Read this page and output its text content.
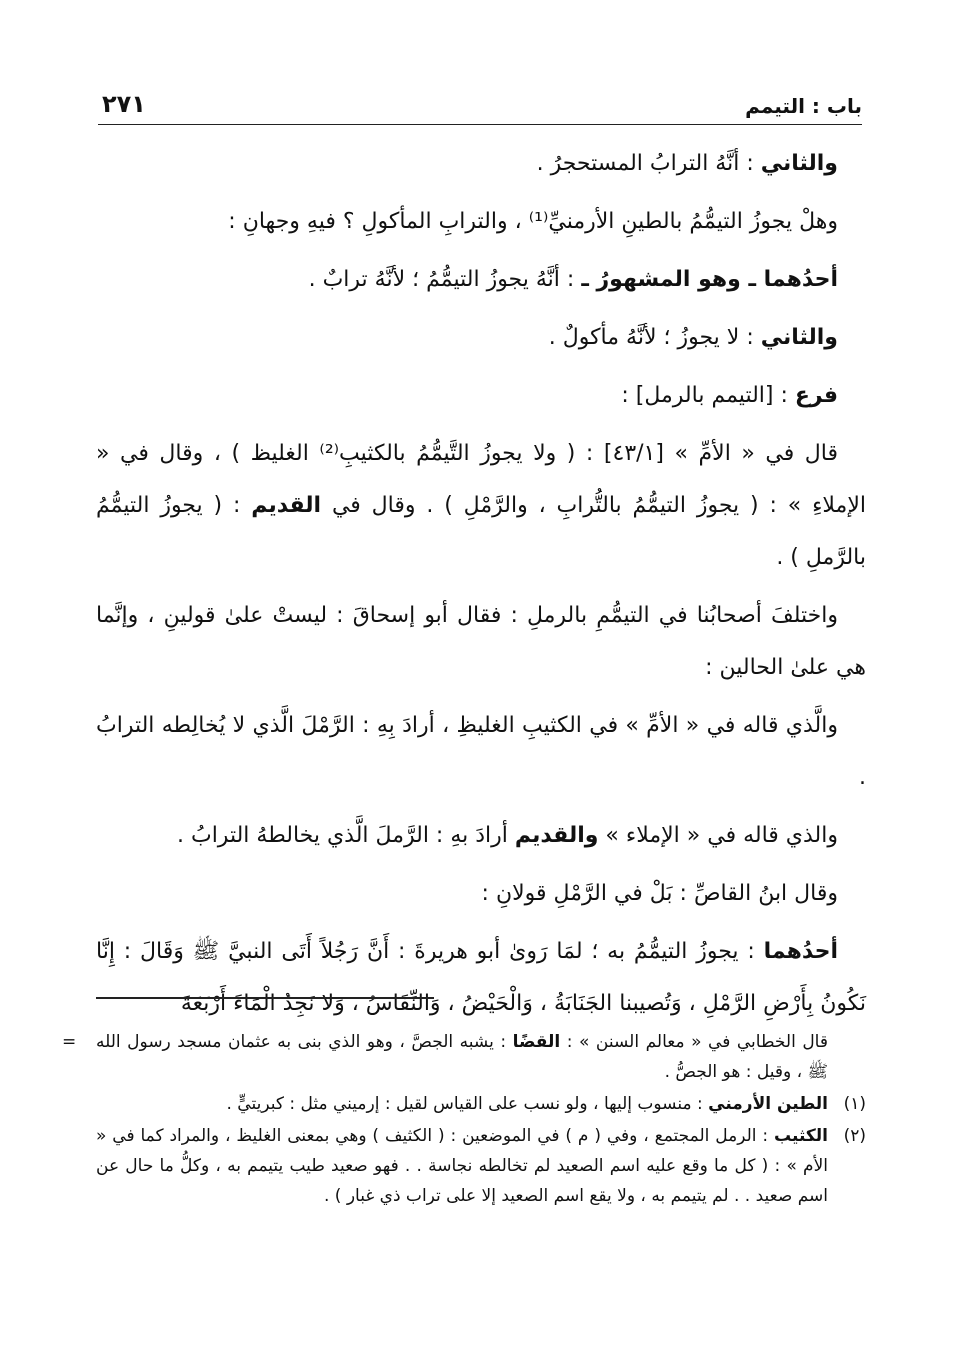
باب : التيمم
٢٧١

والثاني : أنَّهُ الترابُ المستحجرُ .

وهلْ يجوزُ التيمُّمُ بالطينِ الأرمنيِّ⁽¹⁾ ، والترابِ المأكولِ ؟ فيهِ وجهانِ :

أحدُهما ـ وهو المشهورُ ـ : أنَّهُ يجوزُ التيمُّمُ ؛ لأنَّهُ ترابٌ .

والثاني : لا يجوزُ ؛ لأنَّهُ مأكولٌ .

فرع : [التيمم بالرمل] :

قال في « الأمِّ » [٤٣/١] : ( ولا يجوزُ التَّيمُّمُ بالكثيبِ⁽²⁾ الغليظ ) ، وقال في « الإملاءِ » : ( يجوزُ التيمُّمُ بالتُّرابِ ، والرَّمْلِ ) . وقال في القديم : ( يجوزُ التيمُّمُ بالرَّملِ ) .

واختلفَ أصحابُنا في التيمُّمِ بالرملِ : فقال أبو إسحاقَ : ليستْ علىٰ قولينِ ، وإنَّما هي علىٰ الحالين :

والَّذي قاله في « الأمِّ » في الكثيبِ الغليظِ ، أرادَ بِهِ : الرَّمْلَ الَّذي لا يُخالِطه الترابُ .

والذي قاله في « الإملاء » والقديم أرادَ بهِ : الرَّملَ الَّذي يخالطهُ الترابُ .

وقال ابنُ القاصِّ : بَلْ في الرَّمْلِ قولانِ :

أحدُهما : يجوزُ التيمُّمُ به ؛ لمَا رَوىٰ أبو هريرةَ : أَنَّ رَجُلاً أَتَى النبيَّ ﷺ وَقَالَ : إِنَّا نَكُونُ بِأَرْضِ الرَّمْلِ ، وَتُصيبنا الجَنَابَةُ ، وَالْحَيْضُ ، وَالنِّفَاسُ ، وَلا نَجِدُ الْمَاءَ أَرْبَعَةَ

=	قال الخطابي في « معالم السنن » : القضًا : يشبه الجصَّ ، وهو الذي بنى به عثمان مسجد رسول الله ﷺ ، وقيل : هو الجصُّ .

(١)
الطين الأرمني : منسوب إليها ، ولو نسب على القياس لقيل : إرميني مثل : كبريتيٍّ .

(٢)
الكثيب : الرمل المجتمع ، وفي ( م ) في الموضعين : ( الكثيف ) وهي بمعنى الغليظ ، والمراد كما في « الأم » : ( كل ما وقع عليه اسم الصعيد لم تخالطه نجاسة . . فهو صعيد طيب يتيمم به ، وكلُّ ما حال عن اسم صعيد . . لم يتيمم به ، ولا يقع اسم الصعيد إلا على تراب ذي غبار ) .
